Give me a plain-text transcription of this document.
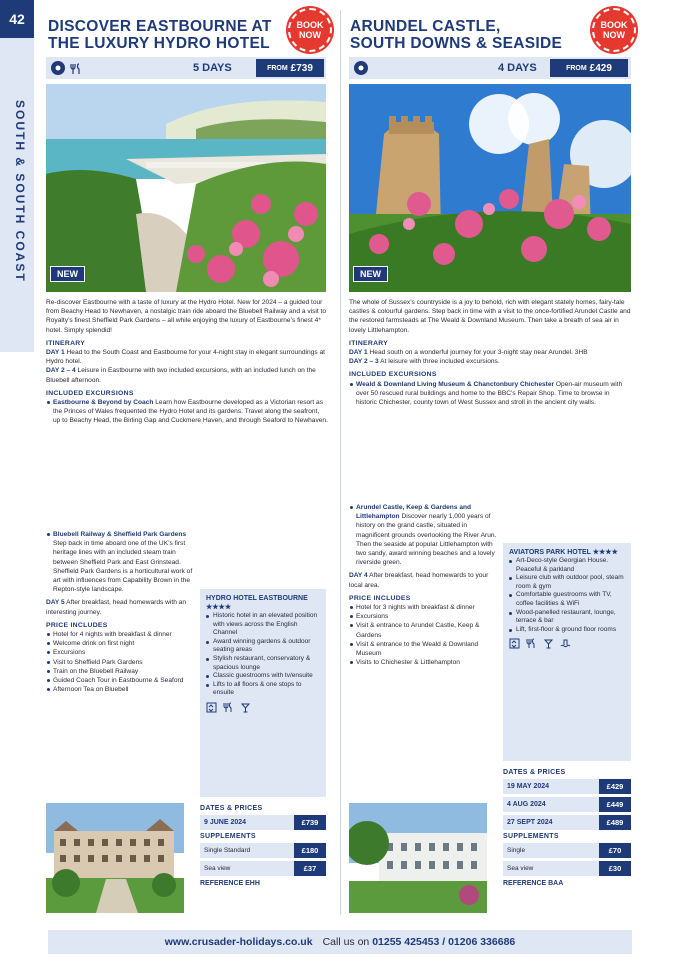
42
SOUTH & SOUTH COAST
DISCOVER EASTBOURNE AT
THE LUXURY HYDRO HOTEL
BOOK NOW
5 DAYS	FROM £739
NEW

Re-discover Eastbourne with a taste of luxury at the Hydro Hotel. New for 2024 – a guided tour from Beachy Head to Newhaven, a nostalgic train ride aboard the Bluebell Railway and a visit to Royalty’s finest Sheffield Park Gardens – all while enjoying the luxury of Eastbourne’s finest 4* hotel. Simply splendid!

ITINERARY

DAY 1 Head to the South Coast and Eastbourne for your 4-night stay in elegant surroundings at Hydro hotel.

DAY 2 – 4 Leisure in Eastbourne with two included excursions, with an included lunch on the Bluebell afternoon.

INCLUDED EXCURSIONS
Eastbourne & Beyond by Coach Learn how Eastbourne developed as a Victorian resort as the Princes of Wales frequented the Hydro Hotel and its gardens. Travel along the seafront, up to Beachy Head, the Birling Gap and Cuckmere Haven, and through Seaford to Newhaven.
Bluebell Railway & Sheffield Park Gardens Step back in time aboard one of the UK’s first heritage lines with an included steam train between Sheffield Park and East Grinstead. Sheffield Park Gardens is a horticultural work of art with influences from Capability Brown in the Repton-style landscape.

DAY 5 After breakfast, head homewards with an interesting journey.

PRICE INCLUDES
Hotel for 4 nights with breakfast & dinner
Welcome drink on first night
Excursions
Visit to Sheffield Park Gardens
Train on the Bluebell Railway
Guided Coach Tour in Eastbourne & Seaford
Afternoon Tea on Bluebell
HYDRO HOTEL EASTBOURNE ★★★★
Historic hotel in an elevated position with views across the English Channel
Award winning gardens & outdoor seating areas
Stylish restaurant, conservatory & spacious lounge
Classic guestrooms with tv/ensuite
Lifts to all floors & one stops to ensuite
DATES & PRICES
9 JUNE 2024	£739
SUPPLEMENTS
Single Standard	£180
Sea view	£37
REFERENCE EHH
ARUNDEL CASTLE,
SOUTH DOWNS & SEASIDE
BOOK NOW
4 DAYS	FROM £429
NEW

The whole of Sussex’s countryside is a joy to behold, rich with elegant stately homes, fairy-tale castles & colourful gardens. Step back in time with a visit to the once-fortified Arundel Castle and the restored farmsteads at The Weald & Downland Museum. Then take a breath of sea air in lovely Littlehampton.

ITINERARY

DAY 1 Head south on a wonderful journey for your 3-night stay near Arundel. 3HB

DAY 2 – 3 At leisure with three included excursions.

INCLUDED EXCURSIONS
Weald & Downland Living Museum & Chanctonbury Chichester Open-air museum with over 50 rescued rural buildings and home to the BBC’s Repair Shop. Time to browse in historic Chichester, county town of West Sussex and stroll in the ancient city walls.
Arundel Castle, Keep & Gardens and Littlehampton Discover nearly 1,000 years of history on the grand castle, situated in magnificent grounds overlooking the River Arun. Then the seaside at popular Littlehampton with two sandy, award winning beaches and a lovely riverside green.

DAY 4 After breakfast, head homewards to your local area.

PRICE INCLUDES
Hotel for 3 nights with breakfast & dinner
Excursions
Visit & entrance to Arundel Castle, Keep & Gardens
Visit & entrance to the Weald & Downland Museum
Visits to Chichester & Littlehampton
AVIATORS PARK HOTEL ★★★★
Art-Deco-style Georgian House. Peaceful & parkland
Leisure club with outdoor pool, steam room & gym
Comfortable guestrooms with TV, coffee facilities & WiFi
Wood-panelled restaurant, lounge, terrace & bar
Lift, first-floor & ground floor rooms
DATES & PRICES
19 MAY 2024	£429
4 AUG 2024	£449
27 SEPT 2024	£489
SUPPLEMENTS
Single	£70
Sea view	£30
REFERENCE BAA
www.crusader-holidays.co.uk Call us on 01255 425453 / 01206 336686
